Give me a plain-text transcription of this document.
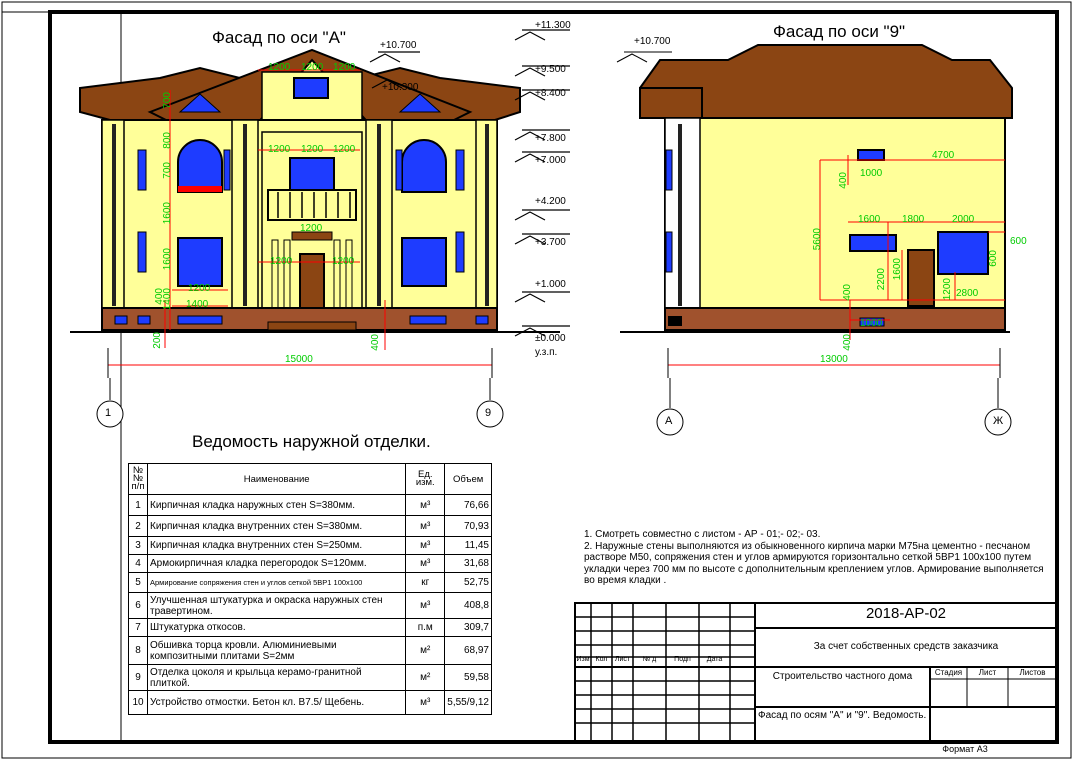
Фасад по оси "А"	Фасад по оси "9"
+11.300
+10.700
+10.300
+9.500
+8.400
+7.800
+7.000
+4.200
+3.700
+1.000
±0.000
у.з.п.
+10.700
1200 1200 1200
700
800
700
1200 1200 1200
1600
1200
1200	1200
1200
1600
1400
400 1400
200	400
15000
4700
400 1000
1600 1800	2000
600
5600
600
2200 1600
1200 2800
400
1000
400
13000
1	9
А	Ж
Ведомость наружной отделки.
№№ п/п	Наименование	Ед. изм.	Объем
1	Кирпичная кладка наружных стен S=380мм.	м³	76,66
2	Кирпичная кладка внутренних стен S=380мм.	м³	70,93
3	Кирпичная кладка внутренних стен S=250мм.	м³	11,45
4	Армокирпичная кладка перегородок S=120мм.	м³	31,68
5	Армирование сопряжения стен и углов сеткой 5ВР1 100х100	кг	52,75
6	Улучшенная штукатурка и окраска наружных стен травертином.	м³	408,8
7	Штукатурка откосов.	п.м	309,7
8	Обшивка торца кровли. Алюминиевыми композитными плитами S=2мм	м²	68,97
9	Отделка цоколя и крыльца керамо-гранитной плиткой.	м²	59,58
10	Устройство отмостки. Бетон кл. В7.5/ Щебень.	м³	5,55/9,12

1. Смотреть совместно с листом - АР - 01;- 02;- 03.

2. Наружные стены выполняются из обыкновенного кирпича марки М75на цементно - песчаном растворе М50, сопряжения стен и углов армируются горизонтально сеткой 5ВР1 100х100 путем укладки через 700 мм по высоте с дополнительным креплением углов. Армирование выполняется во время кладки .

2018-АР-02
За счет собственных средств заказчика
Строительство частного дома
Фасад по осям "А" и "9". Ведомость.
Стадия	Лист	Листов
Изм Кол	Лист	№ д	Подп	Дата
Формат А3
